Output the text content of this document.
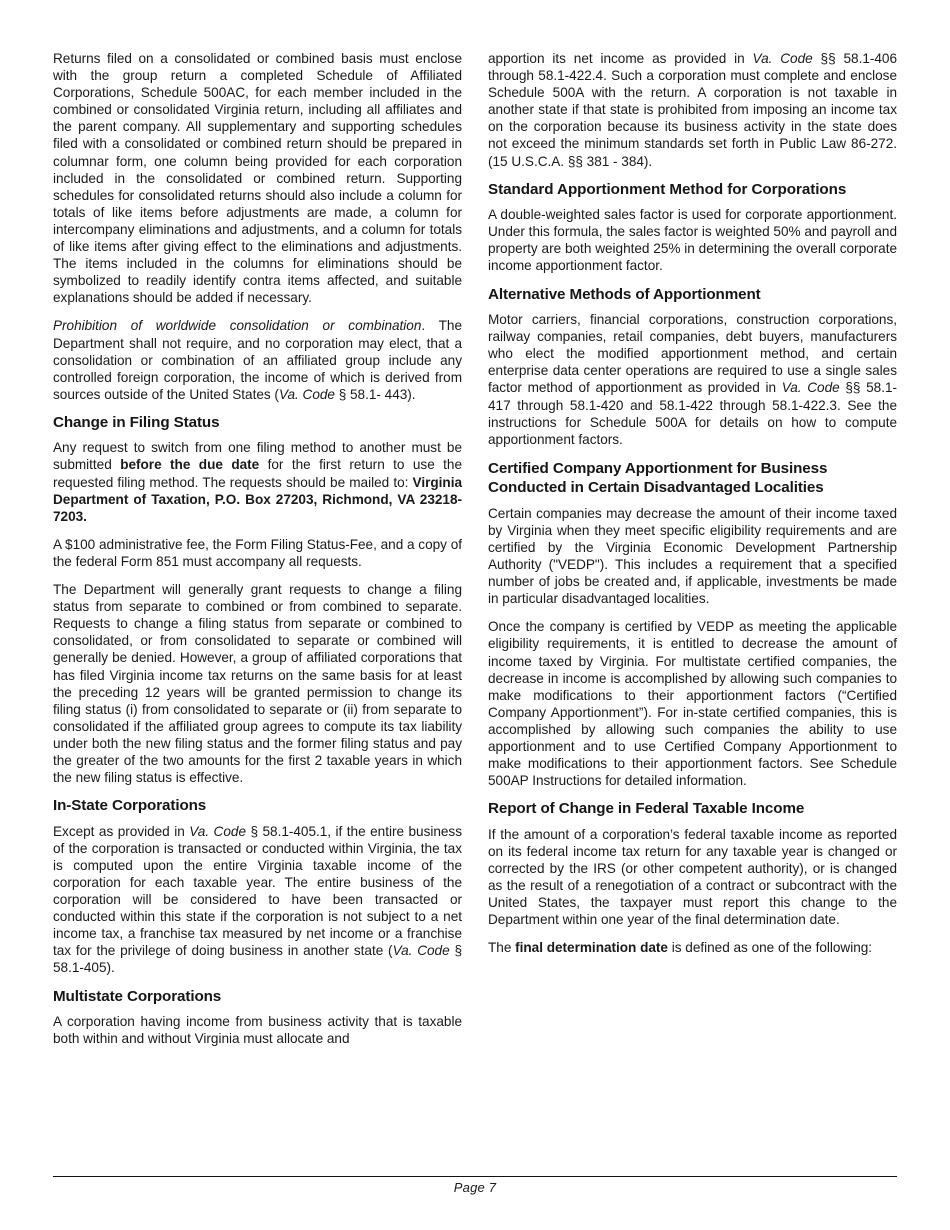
Returns filed on a consolidated or combined basis must enclose with the group return a completed Schedule of Affiliated Corporations, Schedule 500AC, for each member included in the combined or consolidated Virginia return, including all affiliates and the parent company. All supplementary and supporting schedules filed with a consolidated or combined return should be prepared in columnar form, one column being provided for each corporation included in the consolidated or combined return. Supporting schedules for consolidated returns should also include a column for totals of like items before adjustments are made, a column for intercompany eliminations and adjustments, and a column for totals of like items after giving effect to the eliminations and adjustments. The items included in the columns for eliminations should be symbolized to readily identify contra items affected, and suitable explanations should be added if necessary.

Prohibition of worldwide consolidation or combination. The Department shall not require, and no corporation may elect, that a consolidation or combination of an affiliated group include any controlled foreign corporation, the income of which is derived from sources outside of the United States (Va. Code § 58.1- 443).

Change in Filing Status

Any request to switch from one filing method to another must be submitted before the due date for the first return to use the requested filing method. The requests should be mailed to: Virginia Department of Taxation, P.O. Box 27203, Richmond, VA 23218-7203.

A $100 administrative fee, the Form Filing Status-Fee, and a copy of the federal Form 851 must accompany all requests.

The Department will generally grant requests to change a filing status from separate to combined or from combined to separate. Requests to change a filing status from separate or combined to consolidated, or from consolidated to separate or combined will generally be denied. However, a group of affiliated corporations that has filed Virginia income tax returns on the same basis for at least the preceding 12 years will be granted permission to change its filing status (i) from consolidated to separate or (ii) from separate to consolidated if the affiliated group agrees to compute its tax liability under both the new filing status and the former filing status and pay the greater of the two amounts for the first 2 taxable years in which the new filing status is effective.

In-State Corporations

Except as provided in Va. Code § 58.1-405.1, if the entire business of the corporation is transacted or conducted within Virginia, the tax is computed upon the entire Virginia taxable income of the corporation for each taxable year. The entire business of the corporation will be considered to have been transacted or conducted within this state if the corporation is not subject to a net income tax, a franchise tax measured by net income or a franchise tax for the privilege of doing business in another state (Va. Code § 58.1-405).

Multistate Corporations

A corporation having income from business activity that is taxable both within and without Virginia must allocate and

apportion its net income as provided in Va. Code §§ 58.1-406 through 58.1-422.4. Such a corporation must complete and enclose Schedule 500A with the return. A corporation is not taxable in another state if that state is prohibited from imposing an income tax on the corporation because its business activity in the state does not exceed the minimum standards set forth in Public Law 86-272.(15 U.S.C.A. §§ 381 - 384).

Standard Apportionment Method for Corporations

A double-weighted sales factor is used for corporate apportionment. Under this formula, the sales factor is weighted 50% and payroll and property are both weighted 25% in determining the overall corporate income apportionment factor.

Alternative Methods of Apportionment

Motor carriers, financial corporations, construction corporations, railway companies, retail companies, debt buyers, manufacturers who elect the modified apportionment method, and certain enterprise data center operations are required to use a single sales factor method of apportionment as provided in Va. Code §§ 58.1-417 through 58.1-420 and 58.1-422 through 58.1-422.3. See the instructions for Schedule 500A for details on how to compute apportionment factors.

Certified Company Apportionment for Business
Conducted in Certain Disadvantaged Localities

Certain companies may decrease the amount of their income taxed by Virginia when they meet specific eligibility requirements and are certified by the Virginia Economic Development Partnership Authority ("VEDP"). This includes a requirement that a specified number of jobs be created and, if applicable, investments be made in particular disadvantaged localities.

Once the company is certified by VEDP as meeting the applicable eligibility requirements, it is entitled to decrease the amount of income taxed by Virginia. For multistate certified companies, the decrease in income is accomplished by allowing such companies to make modifications to their apportionment factors (“Certified Company Apportionment”). For in-state certified companies, this is accomplished by allowing such companies the ability to use apportionment and to use Certified Company Apportionment to make modifications to their apportionment factors. See Schedule 500AP Instructions for detailed information.

Report of Change in Federal Taxable Income

If the amount of a corporation’s federal taxable income as reported on its federal income tax return for any taxable year is changed or corrected by the IRS (or other competent authority), or is changed as the result of a renegotiation of a contract or subcontract with the United States, the taxpayer must report this change to the Department within one year of the final determination date.

The final determination date is defined as one of the following:

Page 7
